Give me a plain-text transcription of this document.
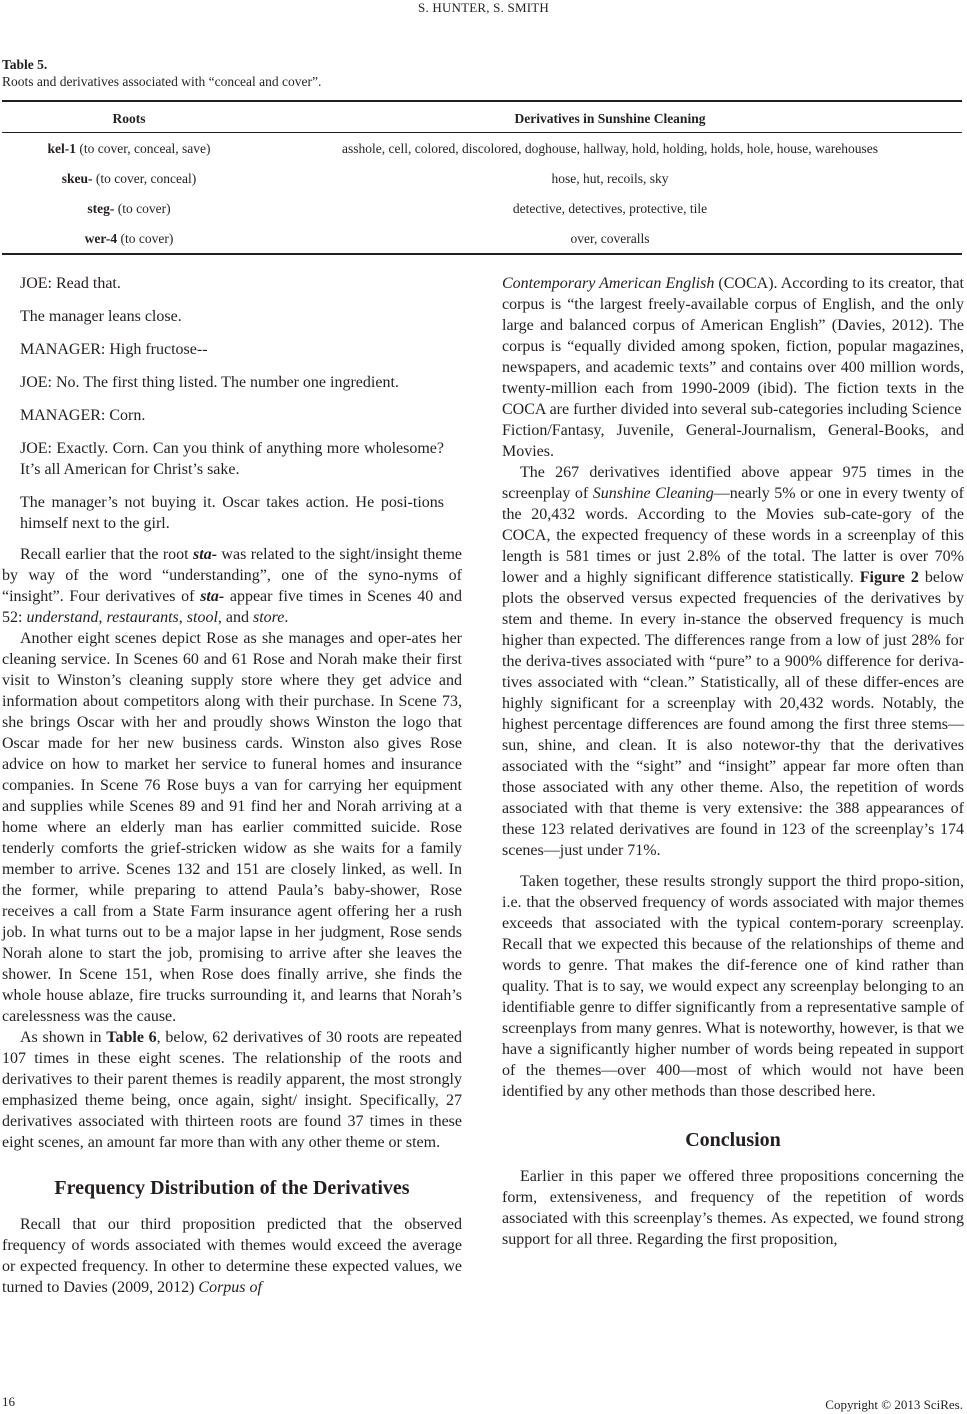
S. HUNTER, S. SMITH
Table 5.
Roots and derivatives associated with “conceal and cover”.
Roots	Derivatives in Sunshine Cleaning
kel-1 (to cover, conceal, save)	asshole, cell, colored, discolored, doghouse, hallway, hold, holding, holds, hole, house, warehouses
skeu- (to cover, conceal)	hose, hut, recoils, sky
steg- (to cover)	detective, detectives, protective, tile
wer-4 (to cover)	over, coveralls

JOE: Read that.

The manager leans close.

MANAGER: High fructose--

JOE: No. The first thing listed. The number one ingredient.

MANAGER: Corn.

JOE: Exactly. Corn. Can you think of anything more wholesome? It’s all American for Christ’s sake.

The manager’s not buying it. Oscar takes action. He posi-tions himself next to the girl.

Recall earlier that the root sta- was related to the sight/insight theme by way of the word “understanding”, one of the syno-nyms of “insight”. Four derivatives of sta- appear five times in Scenes 40 and 52: understand, restaurants, stool, and store.

Another eight scenes depict Rose as she manages and oper-ates her cleaning service. In Scenes 60 and 61 Rose and Norah make their first visit to Winston’s cleaning supply store where they get advice and information about competitors along with their purchase. In Scene 73, she brings Oscar with her and proudly shows Winston the logo that Oscar made for her new business cards. Winston also gives Rose advice on how to market her service to funeral homes and insurance companies. In Scene 76 Rose buys a van for carrying her equipment and supplies while Scenes 89 and 91 find her and Norah arriving at a home where an elderly man has earlier committed suicide. Rose tenderly comforts the grief-stricken widow as she waits for a family member to arrive. Scenes 132 and 151 are closely linked, as well. In the former, while preparing to attend Paula’s baby-shower, Rose receives a call from a State Farm insurance agent offering her a rush job. In what turns out to be a major lapse in her judgment, Rose sends Norah alone to start the job, promising to arrive after she leaves the shower. In Scene 151, when Rose does finally arrive, she finds the whole house ablaze, fire trucks surrounding it, and learns that Norah’s carelessness was the cause.

As shown in Table 6, below, 62 derivatives of 30 roots are repeated 107 times in these eight scenes. The relationship of the roots and derivatives to their parent themes is readily apparent, the most strongly emphasized theme being, once again, sight/ insight. Specifically, 27 derivatives associated with thirteen roots are found 37 times in these eight scenes, an amount far more than with any other theme or stem.

Frequency Distribution of the Derivatives

Recall that our third proposition predicted that the observed frequency of words associated with themes would exceed the average or expected frequency. In other to determine these expected values, we turned to Davies (2009, 2012) Corpus of

Contemporary American English (COCA). According to its creator, that corpus is “the largest freely-available corpus of English, and the only large and balanced corpus of American English” (Davies, 2012). The corpus is “equally divided among spoken, fiction, popular magazines, newspapers, and academic texts” and contains over 400 million words, twenty-million each from 1990-2009 (ibid). The fiction texts in the COCA are further divided into several sub-categories including Science
Fiction/Fantasy, Juvenile, General-Journalism, General-Books, and Movies.

The 267 derivatives identified above appear 975 times in the screenplay of Sunshine Cleaning—nearly 5% or one in every twenty of the 20,432 words. According to the Movies sub-cate-gory of the COCA, the expected frequency of these words in a screenplay of this length is 581 times or just 2.8% of the total. The latter is over 70% lower and a highly significant difference statistically. Figure 2 below plots the observed versus expected frequencies of the derivatives by stem and theme. In every in-stance the observed frequency is much higher than expected. The differences range from a low of just 28% for the deriva-tives associated with “pure” to a 900% difference for deriva-tives associated with “clean.” Statistically, all of these differ-ences are highly significant for a screenplay with 20,432 words. Notably, the highest percentage differences are found among the first three stems—sun, shine, and clean. It is also notewor-thy that the derivatives associated with the “sight” and “insight” appear far more often than those associated with any other theme. Also, the repetition of words associated with that theme is very extensive: the 388 appearances of these 123 related derivatives are found in 123 of the screenplay’s 174 scenes—just under 71%.

Taken together, these results strongly support the third propo-sition, i.e. that the observed frequency of words associated with major themes exceeds that associated with the typical contem-porary screenplay. Recall that we expected this because of the relationships of theme and words to genre. That makes the dif-ference one of kind rather than quality. That is to say, we would expect any screenplay belonging to an identifiable genre to differ significantly from a representative sample of screenplays from many genres. What is noteworthy, however, is that we have a significantly higher number of words being repeated in support of the themes—over 400—most of which would not have been identified by any other methods than those described here.

Conclusion

Earlier in this paper we offered three propositions concerning the form, extensiveness, and frequency of the repetition of words associated with this screenplay’s themes. As expected, we found strong support for all three. Regarding the first proposition,

16	Copyright © 2013 SciRes.
